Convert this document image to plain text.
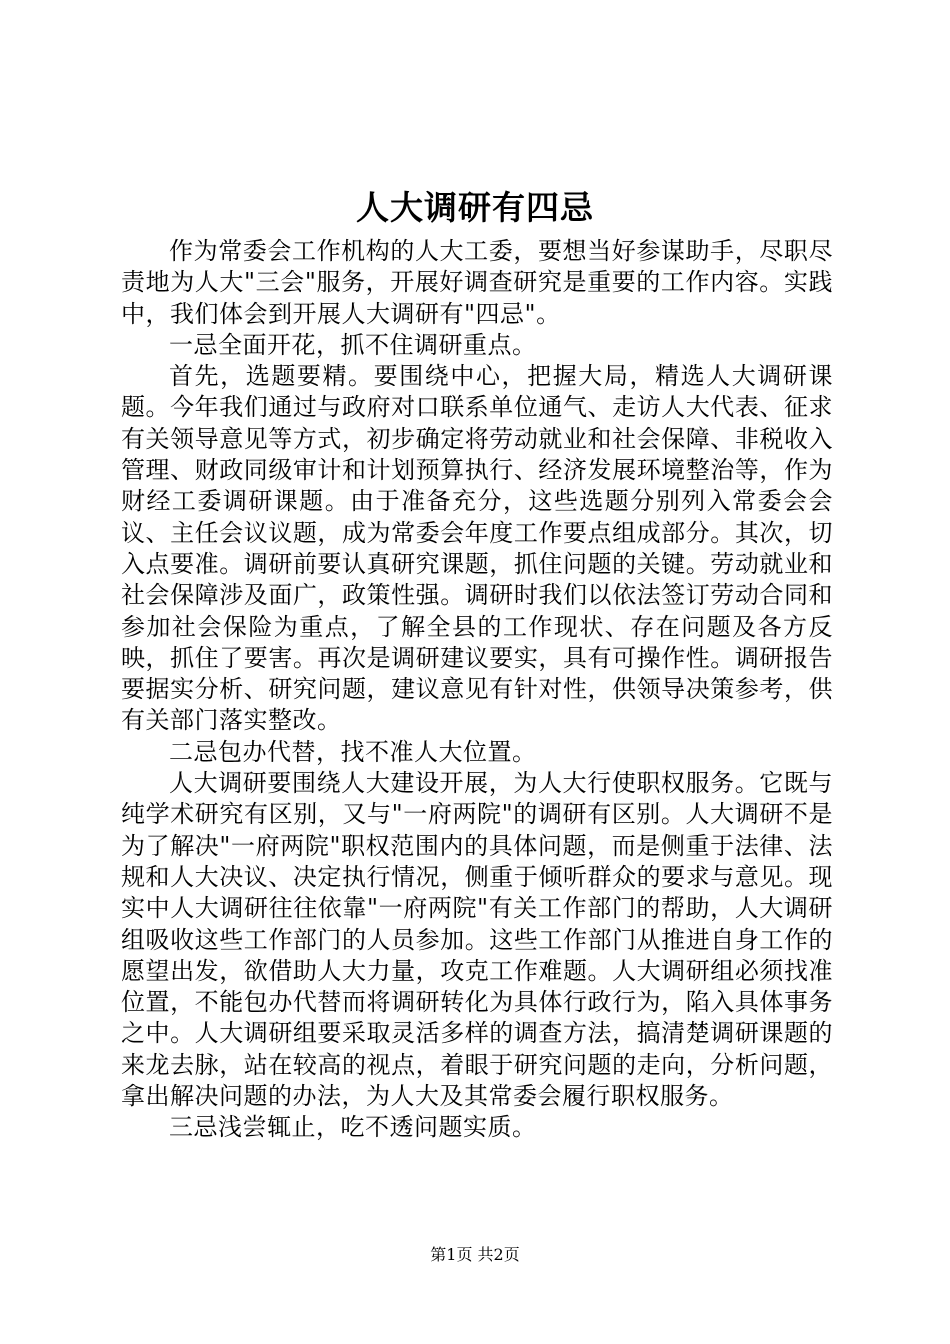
人大调研有四忌

作为常委会工作机构的人大工委，要想当好参谋助手，尽职尽责地为人大"三会"服务，开展好调查研究是重要的工作内容。实践中，我们体会到开展人大调研有"四忌"。

一忌全面开花，抓不住调研重点。

首先，选题要精。要围绕中心，把握大局，精选人大调研课题。今年我们通过与政府对口联系单位通气、走访人大代表、征求有关领导意见等方式，初步确定将劳动就业和社会保障、非税收入管理、财政同级审计和计划预算执行、经济发展环境整治等，作为财经工委调研课题。由于准备充分，这些选题分别列入常委会会议、主任会议议题，成为常委会年度工作要点组成部分。其次，切入点要准。调研前要认真研究课题，抓住问题的关键。劳动就业和社会保障涉及面广，政策性强。调研时我们以依法签订劳动合同和参加社会保险为重点，了解全县的工作现状、存在问题及各方反映，抓住了要害。再次是调研建议要实，具有可操作性。调研报告要据实分析、研究问题，建议意见有针对性，供领导决策参考，供有关部门落实整改。

二忌包办代替，找不准人大位置。

人大调研要围绕人大建设开展，为人大行使职权服务。它既与纯学术研究有区别，又与"一府两院"的调研有区别。人大调研不是为了解决"一府两院"职权范围内的具体问题，而是侧重于法律、法规和人大决议、决定执行情况，侧重于倾听群众的要求与意见。现实中人大调研往往依靠"一府两院"有关工作部门的帮助，人大调研组吸收这些工作部门的人员参加。这些工作部门从推进自身工作的愿望出发，欲借助人大力量，攻克工作难题。人大调研组必须找准位置，不能包办代替而将调研转化为具体行政行为，陷入具体事务之中。人大调研组要采取灵活多样的调查方法，搞清楚调研课题的来龙去脉，站在较高的视点，着眼于研究问题的走向，分析问题，拿出解决问题的办法，为人大及其常委会履行职权服务。

三忌浅尝辄止，吃不透问题实质。

第1页 共2页
